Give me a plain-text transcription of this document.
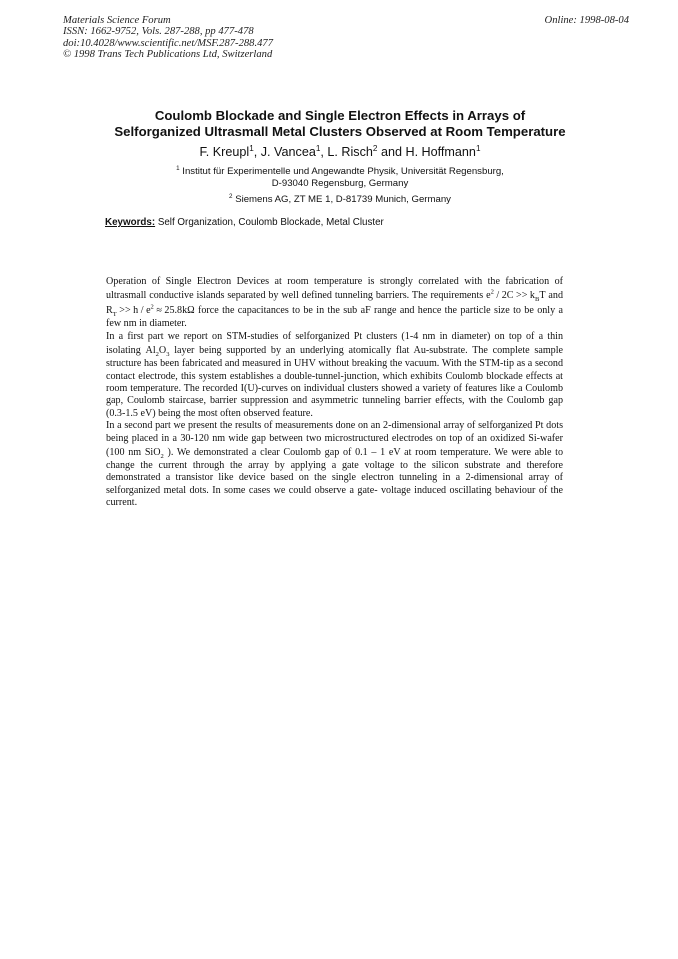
Materials Science Forum
ISSN: 1662-9752, Vols. 287-288, pp 477-478
doi:10.4028/www.scientific.net/MSF.287-288.477
© 1998 Trans Tech Publications Ltd, Switzerland
Online: 1998-08-04
Coulomb Blockade and Single Electron Effects in Arrays of
Selforganized Ultrasmall Metal Clusters Observed at Room Temperature
F. Kreupl$^1$, J. Vancea$^1$, L. Risch$^2$ and H. Hoffmann$^1$
$^1$ Institut für Experimentelle und Angewandte Physik, Universität Regensburg,
D-93040 Regensburg, Germany
$^2$ Siemens AG, ZT ME 1, D-81739 Munich, Germany
Keywords: Self Organization, Coulomb Blockade, Metal Cluster

Operation of Single Electron Devices at room temperature is strongly correlated with the fabrication of ultrasmall conductive islands separated by well defined tunneling barriers. The requirements $e^2 / 2C >> k_BT$ and $R_T >> h / e^2 \approx 25.8k\Omega$ force the capacitances to be in the sub aF range and hence the particle size to be only a few nm in diameter.

In a first part we report on STM-studies of selforganized Pt clusters (1-4 nm in diameter) on top of a thin isolating $Al_2O_3$ layer being supported by an underlying atomically flat Au-substrate. The complete sample structure has been fabricated and measured in UHV without breaking the vacuum. With the STM-tip as a second contact electrode, this system establishes a double-tunnel-junction, which exhibits Coulomb blockade effects at room temperature. The recorded I(U)-curves on individual clusters showed a variety of features like a Coulomb gap, Coulomb staircase, barrier suppression and asymmetric tunneling barrier effects, with the Coulomb gap (0.3-1.5 eV) being the most often observed feature.

In a second part we present the results of measurements done on an 2-dimensional array of selforganized Pt dots being placed in a 30-120 nm wide gap between two microstructured electrodes on top of an oxidized Si-wafer (100 nm SiO$_2$ ). We demonstrated a clear Coulomb gap of 0.1 – 1 eV at room temperature. We were able to change the current through the array by applying a gate voltage to the silicon substrate and therefore demonstrated a transistor like device based on the single electron tunneling in a 2-dimensional array of selforganized metal dots. In some cases we could observe a gate- voltage induced oscillating behaviour of the current.
